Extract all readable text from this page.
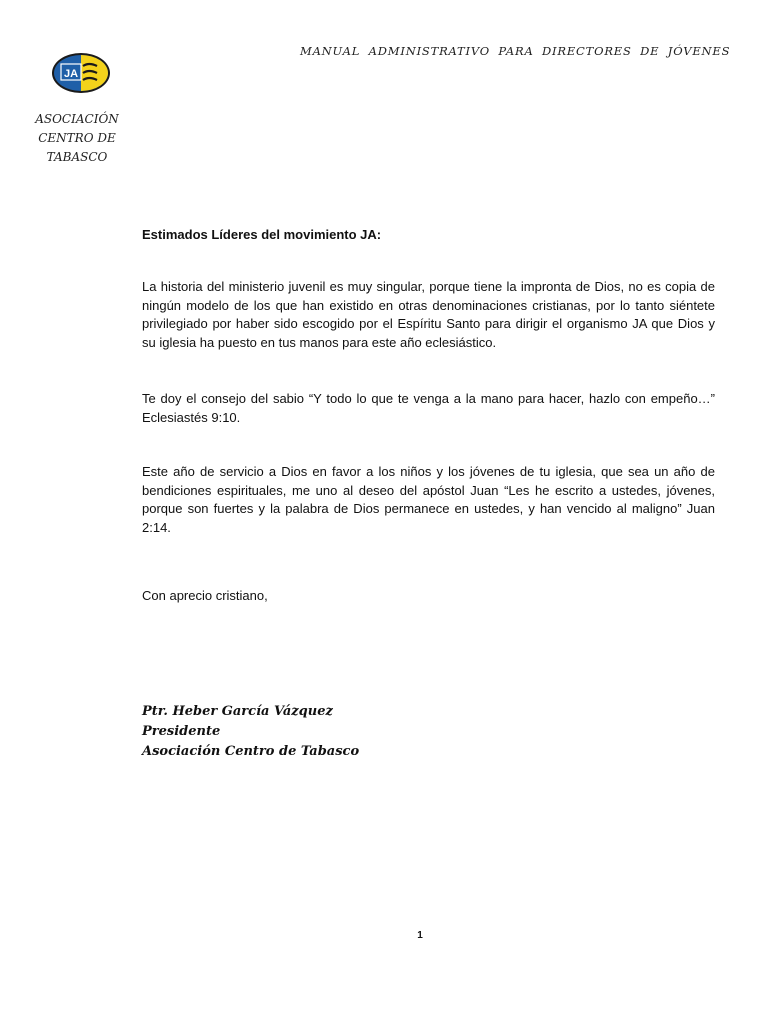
MANUAL ADMINISTRATIVO PARA DIRECTORES DE JÓVENES
JA
ASOCIACIÓN
CENTRO DE
TABASCO

Estimados Líderes del movimiento JA:

La historia del ministerio juvenil es muy singular, porque tiene la impronta de Dios, no es copia de ningún modelo de los que han existido en otras denominaciones cristianas, por lo tanto siéntete privilegiado por haber sido escogido por el Espíritu Santo para dirigir el organismo JA que Dios y su iglesia ha puesto en tus manos para este año eclesiástico.

Te doy el consejo del sabio “Y todo lo que te venga a la mano para hacer, hazlo con empeño…” Eclesiastés 9:10.

Este año de servicio a Dios en favor a los niños y los jóvenes de tu iglesia, que sea un año de bendiciones espirituales, me uno al deseo del apóstol Juan “Les he escrito a ustedes, jóvenes, porque son fuertes y la palabra de Dios permanece en ustedes, y han vencido al maligno” Juan 2:14.

Con aprecio cristiano,

Ptr. Heber García Vázquez
Presidente
Asociación Centro de Tabasco
1
